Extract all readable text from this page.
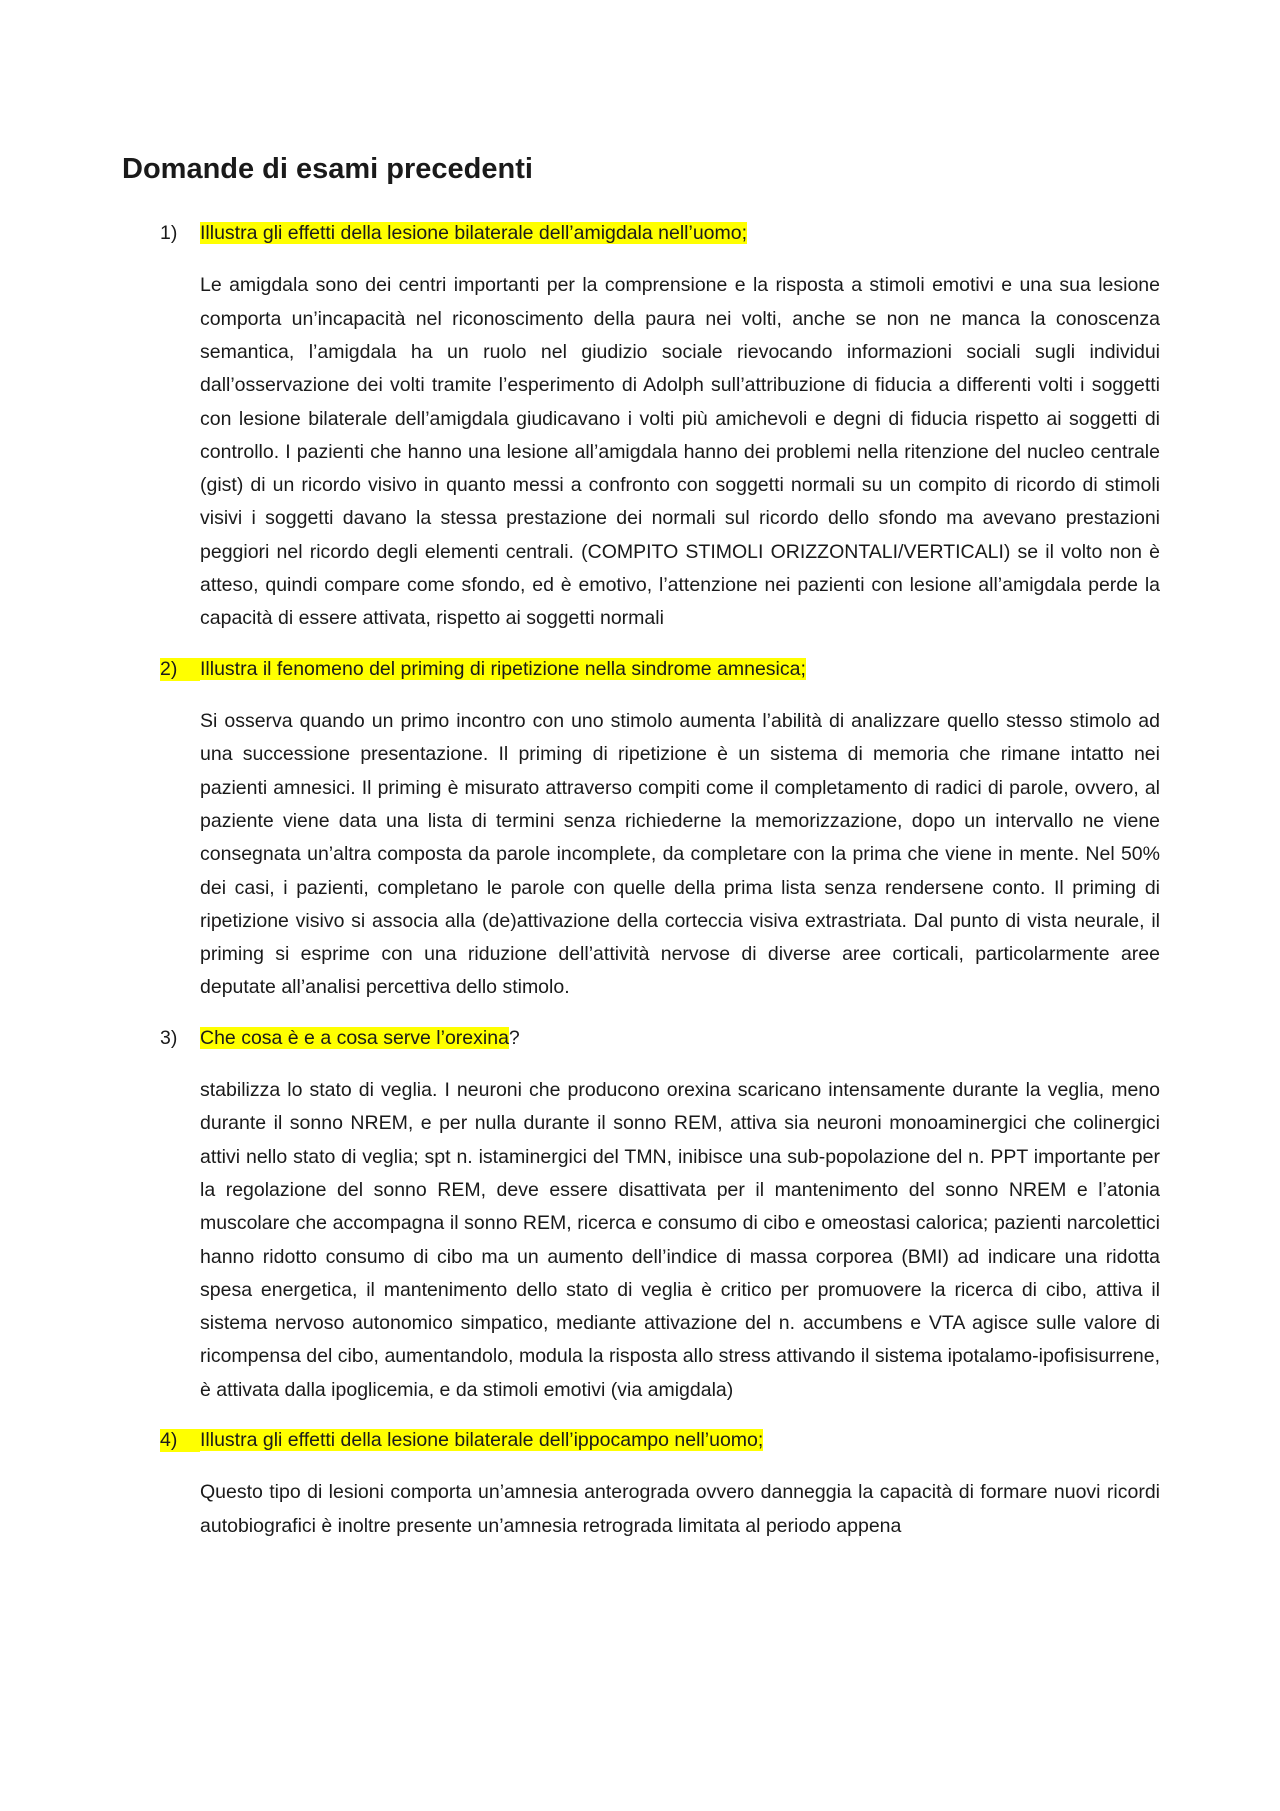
Domande di esami precedenti

1)	Illustra gli effetti della lesione bilaterale dell’amigdala nell’uomo;

Le amigdala sono dei centri importanti per la comprensione e la risposta a stimoli emotivi e una sua lesione comporta un’incapacità nel riconoscimento della paura nei volti, anche se non ne manca la conoscenza semantica, l’amigdala ha un ruolo nel giudizio sociale rievocando informazioni sociali sugli individui dall’osservazione dei volti tramite l’esperimento di Adolph sull’attribuzione di fiducia a differenti volti i soggetti con lesione bilaterale dell’amigdala giudicavano i volti più amichevoli e degni di fiducia rispetto ai soggetti di controllo. I pazienti che hanno una lesione all’amigdala hanno dei problemi nella ritenzione del nucleo centrale (gist) di un ricordo visivo in quanto messi a confronto con soggetti normali su un compito di ricordo di stimoli visivi i soggetti davano la stessa prestazione dei normali sul ricordo dello sfondo ma avevano prestazioni peggiori nel ricordo degli elementi centrali. (COMPITO STIMOLI ORIZZONTALI/VERTICALI) se il volto non è atteso, quindi compare come sfondo, ed è emotivo, l’attenzione nei pazienti con lesione all’amigdala perde la capacità di essere attivata, rispetto ai soggetti normali

2)	Illustra il fenomeno del priming di ripetizione nella sindrome amnesica;

Si osserva quando un primo incontro con uno stimolo aumenta l’abilità di analizzare quello stesso stimolo ad una successione presentazione. Il priming di ripetizione è un sistema di memoria che rimane intatto nei pazienti amnesici. Il priming è misurato attraverso compiti come il completamento di radici di parole, ovvero, al paziente viene data una lista di termini senza richiederne la memorizzazione, dopo un intervallo ne viene consegnata un’altra composta da parole incomplete, da completare con la prima che viene in mente. Nel 50% dei casi, i pazienti, completano le parole con quelle della prima lista senza rendersene conto. Il priming di ripetizione visivo si associa alla (de)attivazione della corteccia visiva extrastriata. Dal punto di vista neurale, il priming si esprime con una riduzione dell’attività nervose di diverse aree corticali, particolarmente aree deputate all’analisi percettiva dello stimolo.

3)	Che cosa è e a cosa serve l’orexina?

stabilizza lo stato di veglia. I neuroni che producono orexina scaricano intensamente durante la veglia, meno durante il sonno NREM, e per nulla durante il sonno REM, attiva sia neuroni monoaminergici che colinergici attivi nello stato di veglia; spt n. istaminergici del TMN, inibisce una sub-popolazione del n. PPT importante per la regolazione del sonno REM, deve essere disattivata per il mantenimento del sonno NREM e l’atonia muscolare che accompagna il sonno REM, ricerca e consumo di cibo e omeostasi calorica; pazienti narcolettici hanno ridotto consumo di cibo ma un aumento dell’indice di massa corporea (BMI) ad indicare una ridotta spesa energetica, il mantenimento dello stato di veglia è critico per promuovere la ricerca di cibo, attiva il sistema nervoso autonomico simpatico, mediante attivazione del n. accumbens e VTA agisce sulle valore di ricompensa del cibo, aumentandolo, modula la risposta allo stress attivando il sistema ipotalamo-ipofisisurrene, è attivata dalla ipoglicemia, e da stimoli emotivi (via amigdala)

4)	Illustra gli effetti della lesione bilaterale dell’ippocampo nell’uomo;

Questo tipo di lesioni comporta un’amnesia anterograda ovvero danneggia la capacità di formare nuovi ricordi autobiografici è inoltre presente un’amnesia retrograda limitata al periodo appena
